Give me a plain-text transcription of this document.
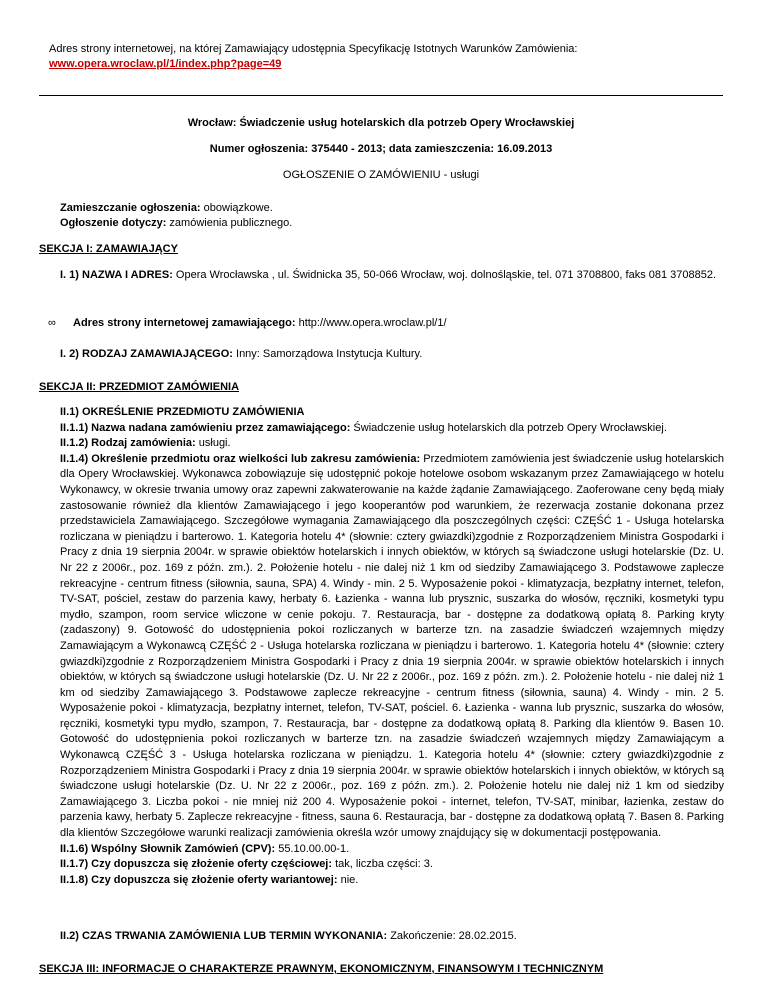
Adres strony internetowej, na której Zamawiający udostępnia Specyfikację Istotnych Warunków Zamówienia:
www.opera.wroclaw.pl/1/index.php?page=49
Wrocław: Świadczenie usług hotelarskich dla potrzeb Opery Wrocławskiej
Numer ogłoszenia: 375440 - 2013; data zamieszczenia: 16.09.2013
OGŁOSZENIE O ZAMÓWIENIU - usługi
Zamieszczanie ogłoszenia: obowiązkowe.
Ogłoszenie dotyczy: zamówienia publicznego.
SEKCJA I: ZAMAWIAJĄCY
I. 1) NAZWA I ADRES: Opera Wrocławska , ul. Świdnicka 35, 50-066 Wrocław, woj. dolnośląskie, tel. 071 3708800, faks 081 3708852.
∞ Adres strony internetowej zamawiającego: http://www.opera.wroclaw.pl/1/
I. 2) RODZAJ ZAMAWIAJĄCEGO: Inny: Samorządowa Instytucja Kultury.
SEKCJA II: PRZEDMIOT ZAMÓWIENIA
II.1) OKREŚLENIE PRZEDMIOTU ZAMÓWIENIA
II.1.1) Nazwa nadana zamówieniu przez zamawiającego: Świadczenie usług hotelarskich dla potrzeb Opery Wrocławskiej.
II.1.2) Rodzaj zamówienia: usługi.
II.1.4) Określenie przedmiotu oraz wielkości lub zakresu zamówienia: Przedmiotem zamówienia jest świadczenie usług hotelarskich dla Opery Wrocławskiej. Wykonawca zobowiązuje się udostępnić pokoje hotelowe osobom wskazanym przez Zamawiającego w hotelu Wykonawcy, w okresie trwania umowy oraz zapewni zakwaterowanie na każde żądanie Zamawiającego. Zaoferowane ceny będą miały zastosowanie również dla klientów Zamawiającego i jego kooperantów pod warunkiem, że rezerwacja zostanie dokonana przez przedstawiciela Zamawiającego. Szczegółowe wymagania Zamawiającego dla poszczególnych części: CZĘŚĆ 1 - Usługa hotelarska rozliczana w pieniądzu i barterowo. 1. Kategoria hotelu 4* (słownie: cztery gwiazdki)zgodnie z Rozporządzeniem Ministra Gospodarki i Pracy z dnia 19 sierpnia 2004r. w sprawie obiektów hotelarskich i innych obiektów, w których są świadczone usługi hotelarskie (Dz. U. Nr 22 z 2006r., poz. 169 z późn. zm.). 2. Położenie hotelu - nie dalej niż 1 km od siedziby Zamawiającego 3. Podstawowe zaplecze rekreacyjne - centrum fitness (siłownia, sauna, SPA) 4. Windy - min. 2 5. Wyposażenie pokoi - klimatyzacja, bezpłatny internet, telefon, TV-SAT, pościel, zestaw do parzenia kawy, herbaty 6. Łazienka - wanna lub prysznic, suszarka do włosów, ręczniki, kosmetyki typu mydło, szampon, room service wliczone w cenie pokoju. 7. Restauracja, bar - dostępne za dodatkową opłatą 8. Parking kryty (zadaszony) 9. Gotowość do udostępnienia pokoi rozliczanych w barterze tzn. na zasadzie świadczeń wzajemnych między Zamawiającym a Wykonawcą CZĘŚĆ 2 - Usługa hotelarska rozliczana w pieniądzu i barterowo. 1. Kategoria hotelu 4* (słownie: cztery gwiazdki)zgodnie z Rozporządzeniem Ministra Gospodarki i Pracy z dnia 19 sierpnia 2004r. w sprawie obiektów hotelarskich i innych obiektów, w których są świadczone usługi hotelarskie (Dz. U. Nr 22 z 2006r., poz. 169 z późn. zm.). 2. Położenie hotelu - nie dalej niż 1 km od siedziby Zamawiającego 3. Podstawowe zaplecze rekreacyjne - centrum fitness (siłownia, sauna) 4. Windy - min. 2 5. Wyposażenie pokoi - klimatyzacja, bezpłatny internet, telefon, TV-SAT, pościel. 6. Łazienka - wanna lub prysznic, suszarka do włosów, ręczniki, kosmetyki typu mydło, szampon, 7. Restauracja, bar - dostępne za dodatkową opłatą 8. Parking dla klientów 9. Basen 10. Gotowość do udostępnienia pokoi rozliczanych w barterze tzn. na zasadzie świadczeń wzajemnych między Zamawiającym a Wykonawcą CZĘŚĆ 3 - Usługa hotelarska rozliczana w pieniądzu. 1. Kategoria hotelu 4* (słownie: cztery gwiazdki)zgodnie z Rozporządzeniem Ministra Gospodarki i Pracy z dnia 19 sierpnia 2004r. w sprawie obiektów hotelarskich i innych obiektów, w których są świadczone usługi hotelarskie (Dz. U. Nr 22 z 2006r., poz. 169 z późn. zm.). 2. Położenie hotelu nie dalej niż 1 km od siedziby Zamawiającego 3. Liczba pokoi - nie mniej niż 200 4. Wyposażenie pokoi - internet, telefon, TV-SAT, minibar, łazienka, zestaw do parzenia kawy, herbaty 5. Zaplecze rekreacyjne - fitness, sauna 6. Restauracja, bar - dostępne za dodatkową opłatą 7. Basen 8. Parking dla klientów Szczegółowe warunki realizacji zamówienia określa wzór umowy znajdujący się w dokumentacji postępowania.
II.1.6) Wspólny Słownik Zamówień (CPV): 55.10.00.00-1.
II.1.7) Czy dopuszcza się złożenie oferty częściowej: tak, liczba części: 3.
II.1.8) Czy dopuszcza się złożenie oferty wariantowej: nie.
II.2) CZAS TRWANIA ZAMÓWIENIA LUB TERMIN WYKONANIA: Zakończenie: 28.02.2015.
SEKCJA III: INFORMACJE O CHARAKTERZE PRAWNYM, EKONOMICZNYM, FINANSOWYM I TECHNICZNYM
